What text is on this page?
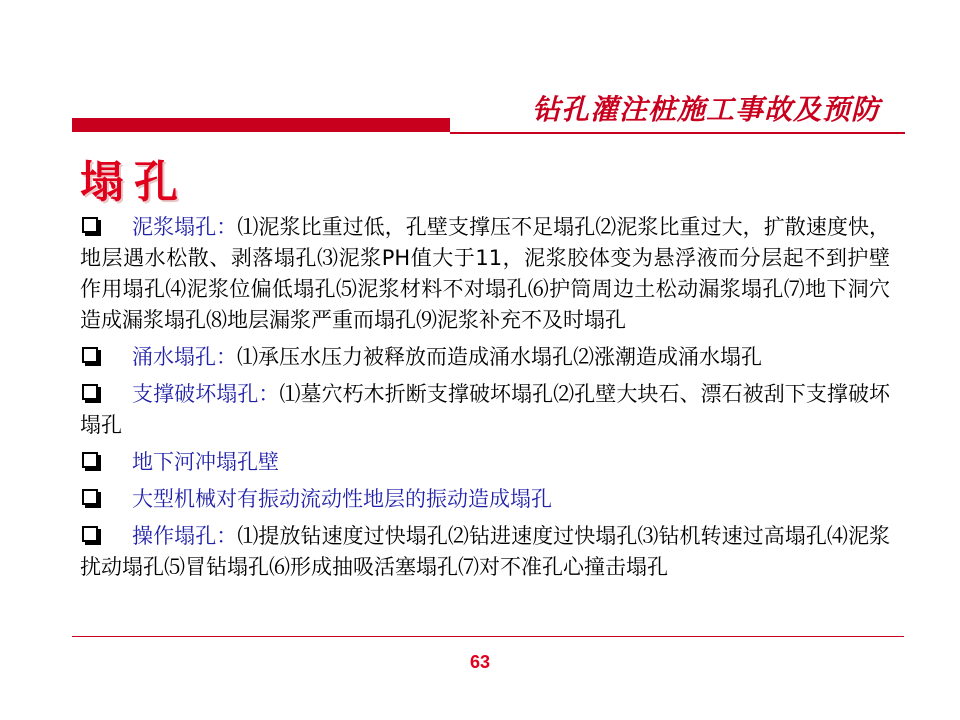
钻孔灌注桩施工事故及预防
塌孔
泥浆塌孔：⑴泥浆比重过低，孔壁支撑压不足塌孔⑵泥浆比重过大，扩散速度快，地层遇水松散、剥落塌孔⑶泥浆PH值大于11，泥浆胶体变为悬浮液而分层起不到护壁作用塌孔⑷泥浆位偏低塌孔⑸泥浆材料不对塌孔⑹护筒周边土松动漏浆塌孔⑺地下洞穴造成漏浆塌孔⑻地层漏浆严重而塌孔⑼泥浆补充不及时塌孔
涌水塌孔：⑴承压水压力被释放而造成涌水塌孔⑵涨潮造成涌水塌孔
支撑破坏塌孔：⑴墓穴朽木折断支撑破坏塌孔⑵孔壁大块石、漂石被刮下支撑破坏塌孔
地下河冲塌孔壁
大型机械对有振动流动性地层的振动造成塌孔
操作塌孔：⑴提放钻速度过快塌孔⑵钻进速度过快塌孔⑶钻机转速过高塌孔⑷泥浆扰动塌孔⑸冒钻塌孔⑹形成抽吸活塞塌孔⑺对不准孔心撞击塌孔
63
